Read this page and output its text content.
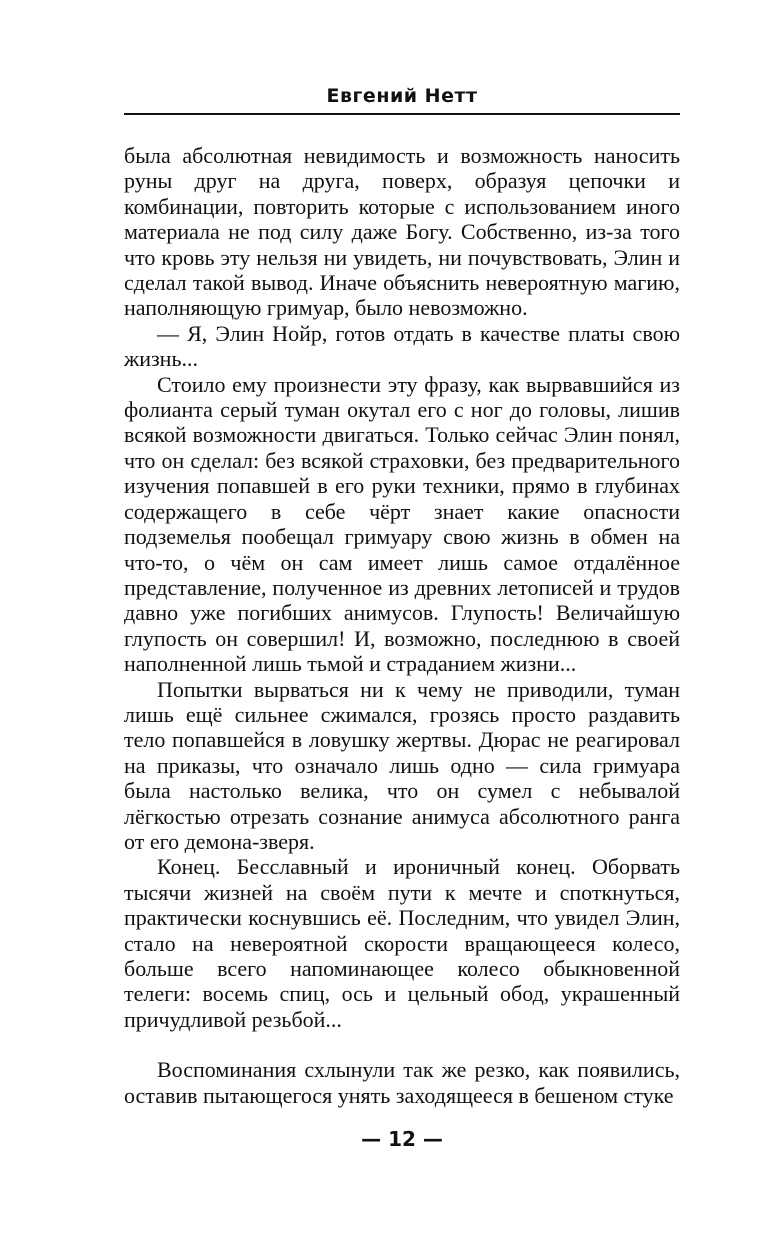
Евгений Нетт

была абсолютная невидимость и возможность наносить руны друг на друга, поверх, образуя цепочки и комбинации, повторить которые с использованием иного материала не под силу даже Богу. Собственно, из-за того что кровь эту нельзя ни увидеть, ни почувствовать, Элин и сделал такой вывод. Иначе объяснить невероятную магию, наполняющую гримуар, было невозможно.

— Я, Элин Нойр, готов отдать в качестве платы свою жизнь...

Стоило ему произнести эту фразу, как вырвавшийся из фолианта серый туман окутал его с ног до головы, лишив всякой возможности двигаться. Только сейчас Элин понял, что он сделал: без всякой страховки, без предварительного изучения попавшей в его руки техники, прямо в глубинах содержащего в себе чёрт знает какие опасности подземелья пообещал гримуару свою жизнь в обмен на что-то, о чём он сам имеет лишь самое отдалённое представление, полученное из древних летописей и трудов давно уже погибших анимусов. Глупость! Величайшую глупость он совершил! И, возможно, последнюю в своей наполненной лишь тьмой и страданием жизни...

Попытки вырваться ни к чему не приводили, туман лишь ещё сильнее сжимался, грозясь просто раздавить тело попавшейся в ловушку жертвы. Дюрас не реагировал на приказы, что означало лишь одно — сила гримуара была настолько велика, что он сумел с небывалой лёгкостью отрезать сознание анимуса абсолютного ранга от его демона-зверя.

Конец. Бесславный и ироничный конец. Оборвать тысячи жизней на своём пути к мечте и споткнуться, практически коснувшись её. Последним, что увидел Элин, стало на невероятной скорости вращающееся колесо, больше всего напоминающее колесо обыкновенной телеги: восемь спиц, ось и цельный обод, украшенный причудливой резьбой...

Воспоминания схлынули так же резко, как появились, оставив пытающегося унять заходящееся в бешеном стуке

— 12 —
